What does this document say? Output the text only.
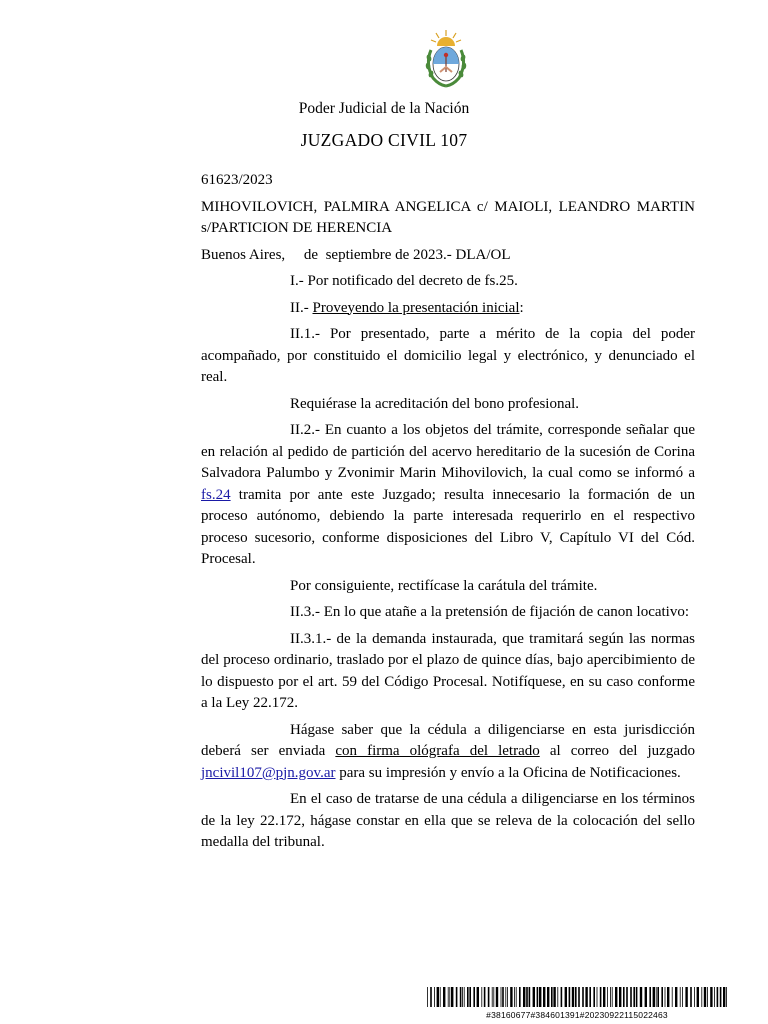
Poder Judicial de la Nación
JUZGADO CIVIL 107

61623/2023

MIHOVILOVICH, PALMIRA ANGELICA c/ MAIOLI, LEANDRO MARTIN s/PARTICION DE HERENCIA

Buenos Aires,     de  septiembre de 2023.- DLA/OL

I.- Por notificado del decreto de fs.25.

II.- Proveyendo la presentación inicial:

II.1.- Por presentado, parte a mérito de la copia del poder acompañado, por constituido el domicilio legal y electrónico, y denunciado el real.

Requiérase la acreditación del bono profesional.

II.2.- En cuanto a los objetos del trámite, corresponde señalar que en relación al pedido de partición del acervo hereditario de la sucesión de Corina Salvadora Palumbo y Zvonimir Marin Mihovilovich, la cual como se informó a fs.24 tramita por ante este Juzgado; resulta innecesario la formación de un proceso autónomo, debiendo la parte interesada requerirlo en el respectivo proceso sucesorio, conforme disposiciones del Libro V, Capítulo VI del Cód. Procesal.

Por consiguiente, rectifícase la carátula del trámite.

II.3.- En lo que atañe a la pretensión de fijación de canon locativo:

II.3.1.- de la demanda instaurada, que tramitará según las normas del proceso ordinario, traslado por el plazo de quince días, bajo apercibimiento de lo dispuesto por el art. 59 del Código Procesal. Notifíquese, en su caso conforme a la Ley 22.172.

Hágase saber que la cédula a diligenciarse en esta jurisdicción deberá ser enviada con firma ológrafa del letrado al correo del juzgado jncivil107@pjn.gov.ar para su impresión y envío a la Oficina de Notificaciones.

En el caso de tratarse de una cédula a diligenciarse en los términos de la ley 22.172, hágase constar en ella que se releva de la colocación del sello medalla del tribunal.

#38160677#384601391#20230922115022463
